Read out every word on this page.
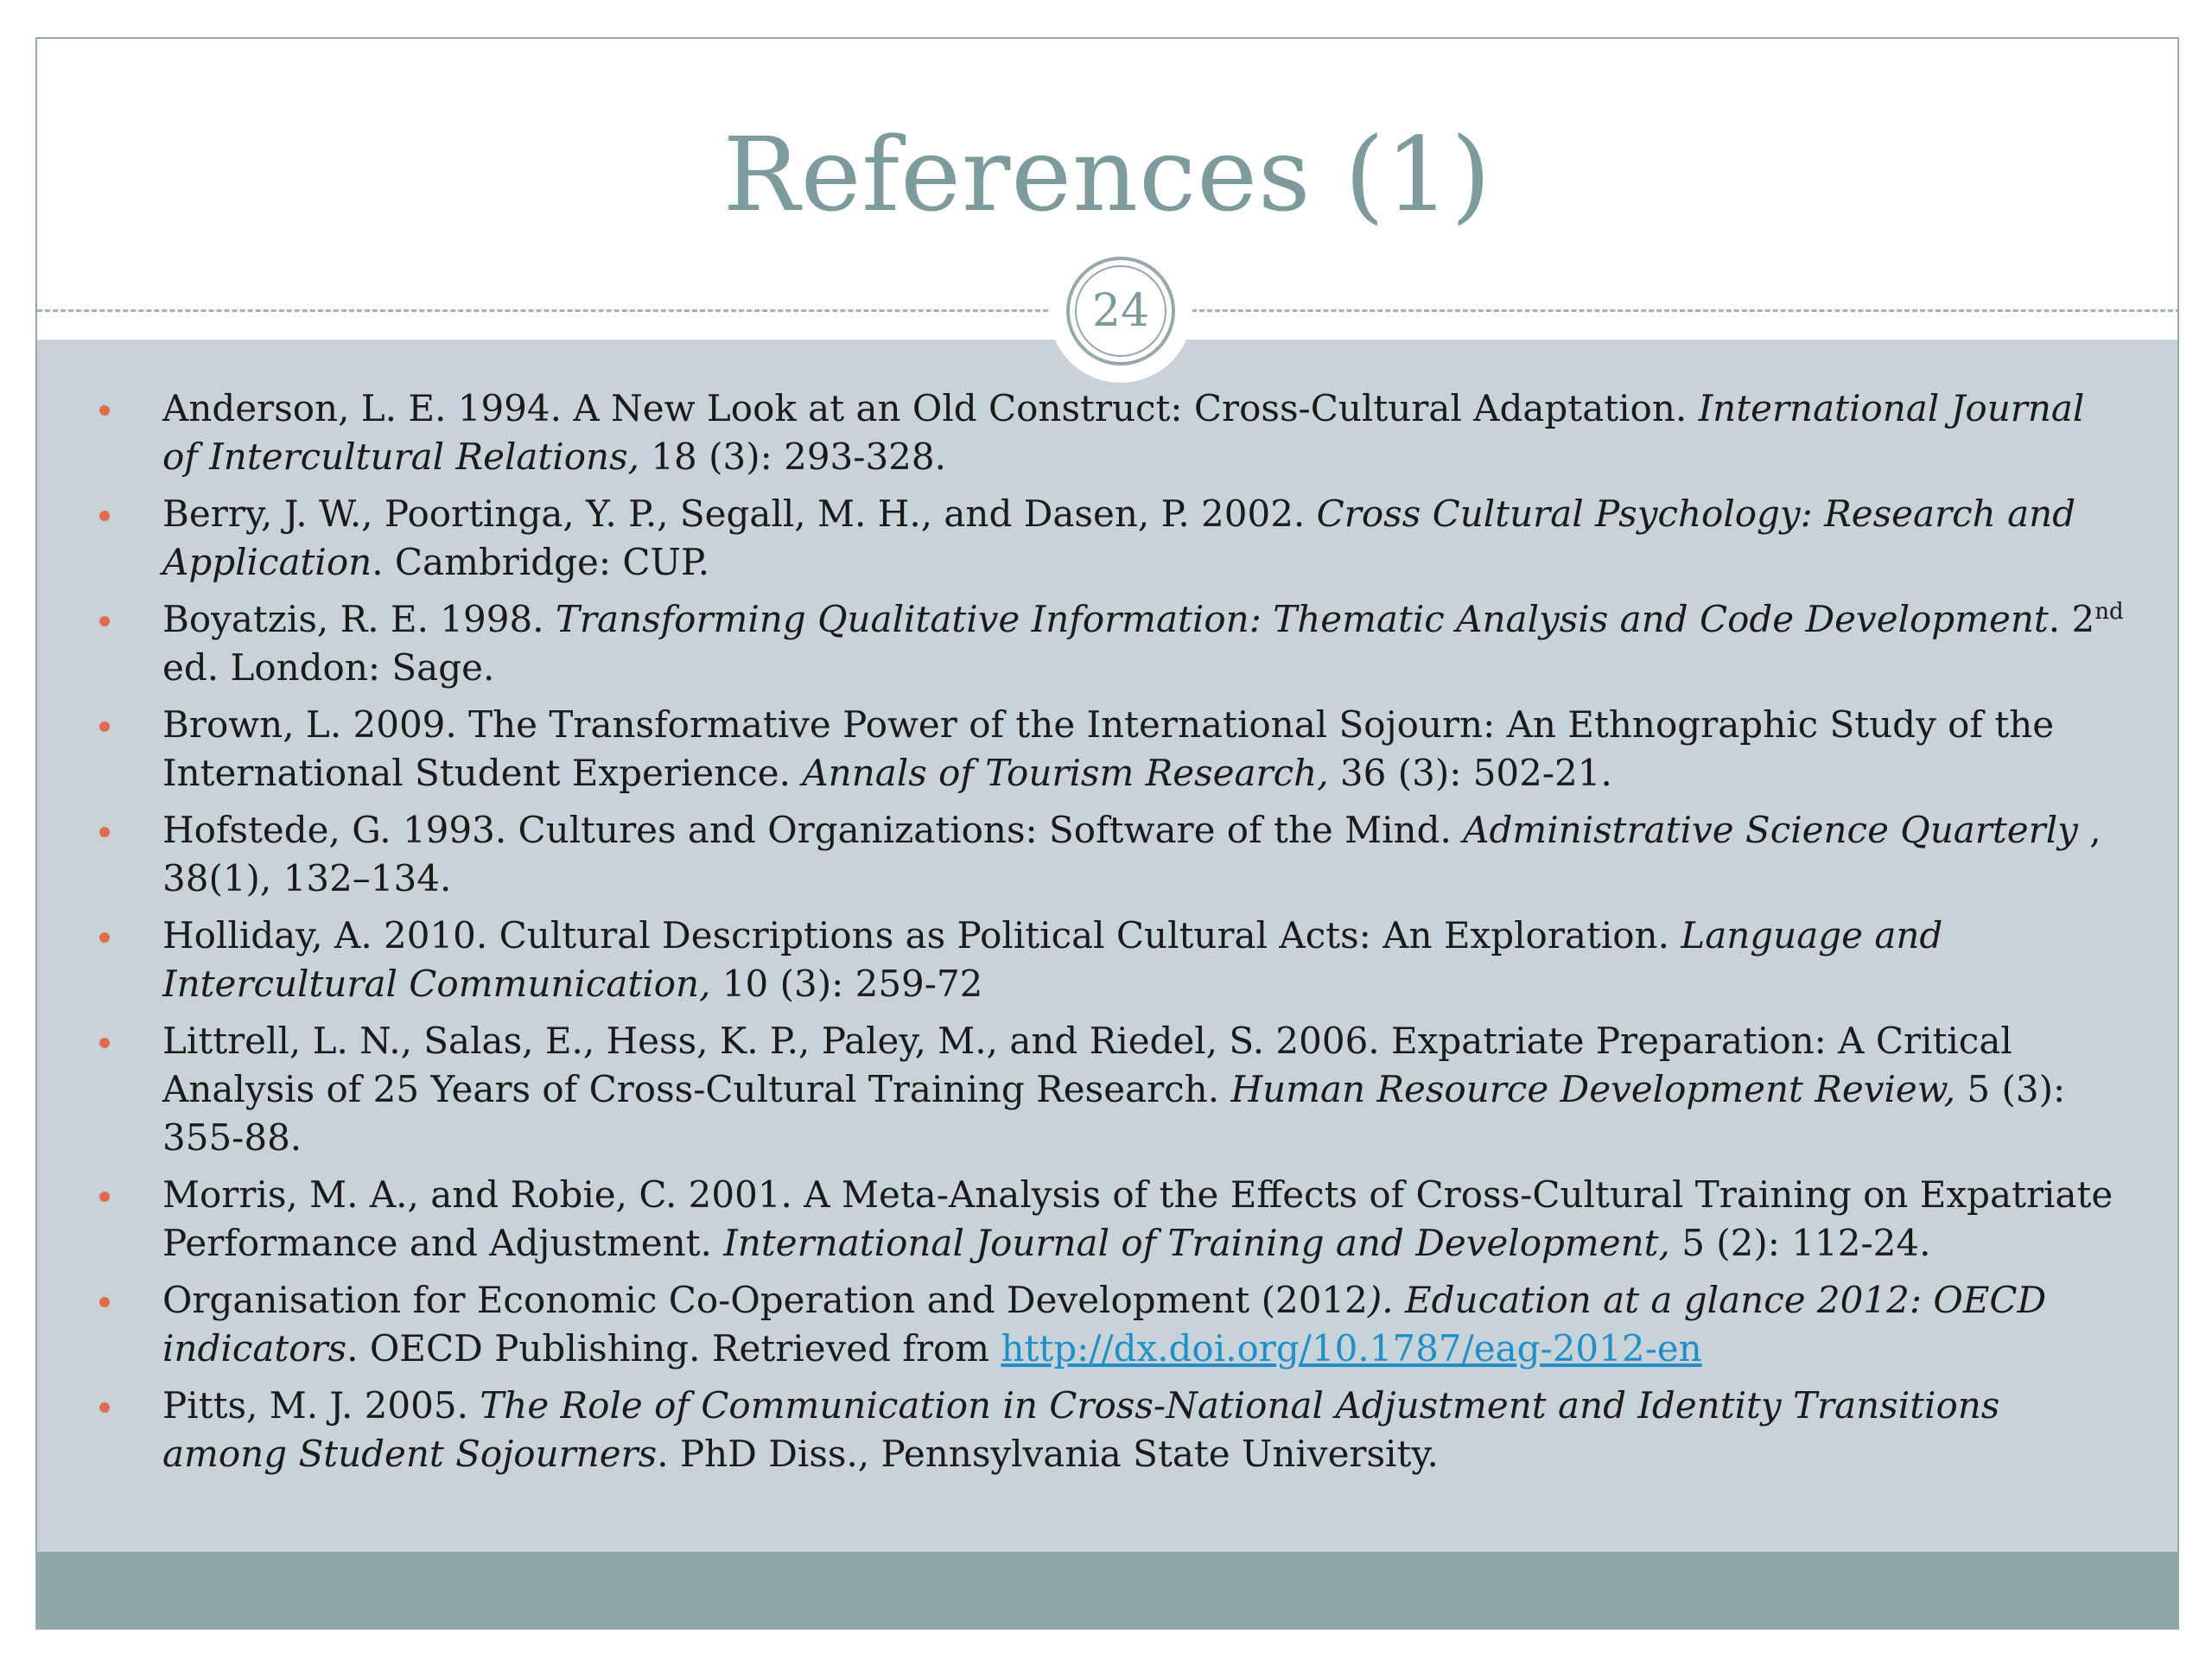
References (1)
24
Anderson, L. E. 1994. A New Look at an Old Construct: Cross-Cultural Adaptation. International Journal of Intercultural Relations, 18 (3): 293-328.
Berry, J. W., Poortinga, Y. P., Segall, M. H., and Dasen, P. 2002. Cross Cultural Psychology: Research and Application. Cambridge: CUP.
Boyatzis, R. E. 1998. Transforming Qualitative Information: Thematic Analysis and Code Development. 2nd ed. London: Sage.
Brown, L. 2009. The Transformative Power of the International Sojourn: An Ethnographic Study of the International Student Experience. Annals of Tourism Research, 36 (3): 502-21.
Hofstede, G. 1993. Cultures and Organizations: Software of the Mind. Administrative Science Quarterly , 38(1), 132–134.
Holliday, A. 2010. Cultural Descriptions as Political Cultural Acts: An Exploration. Language and Intercultural Communication, 10 (3): 259-72
Littrell, L. N., Salas, E., Hess, K. P., Paley, M., and Riedel, S. 2006. Expatriate Preparation: A Critical Analysis of 25 Years of Cross-Cultural Training Research. Human Resource Development Review, 5 (3): 355-88.
Morris, M. A., and Robie, C. 2001. A Meta-Analysis of the Effects of Cross-Cultural Training on Expatriate Performance and Adjustment. International Journal of Training and Development, 5 (2): 112-24.
Organisation for Economic Co-Operation and Development (2012). Education at a glance 2012: OECD indicators. OECD Publishing. Retrieved from http://dx.doi.org/10.1787/eag-2012-en
Pitts, M. J. 2005. The Role of Communication in Cross-National Adjustment and Identity Transitions among Student Sojourners. PhD Diss., Pennsylvania State University.
